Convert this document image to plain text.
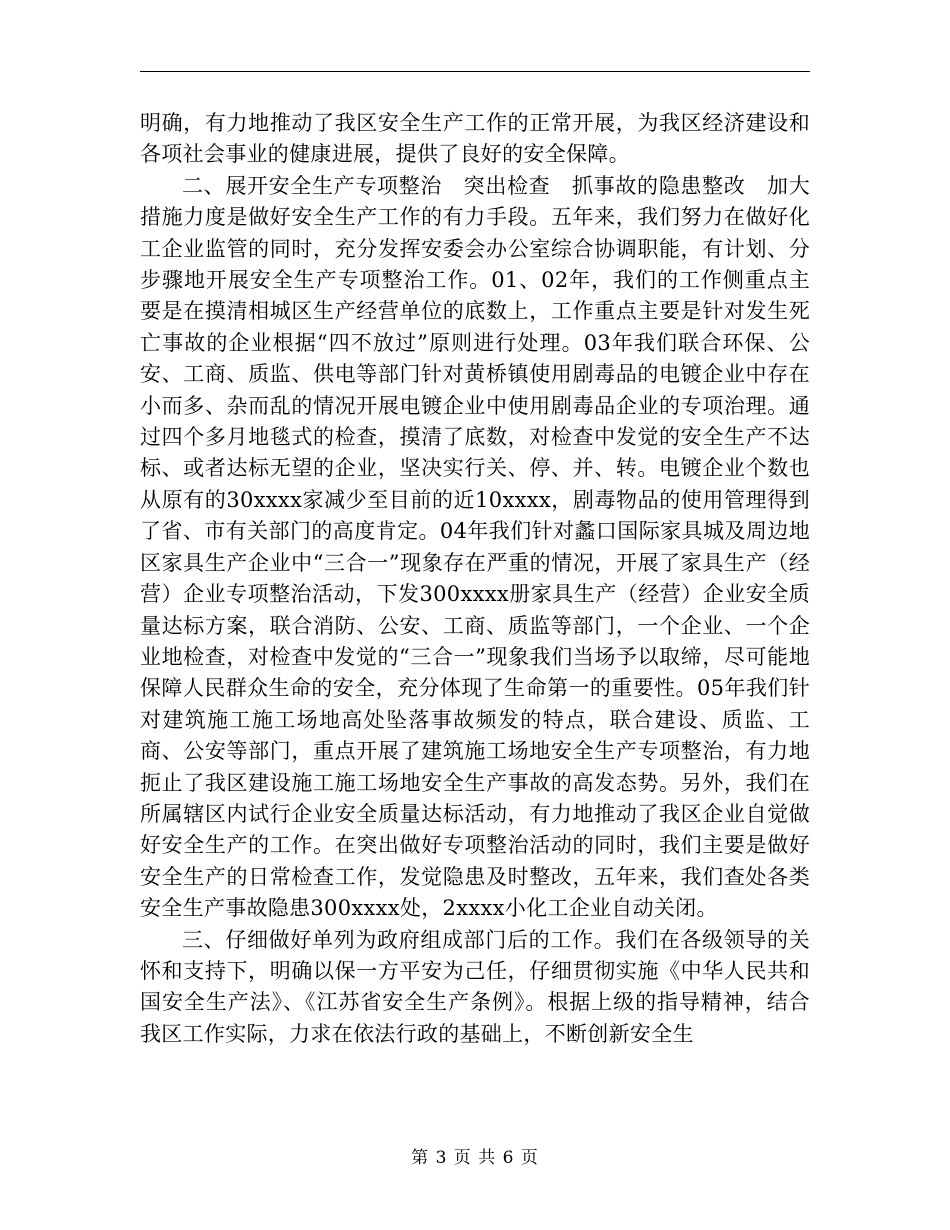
明确，有力地推动了我区安全生产工作的正常开展，为我区经济建设和各项社会事业的健康进展，提供了良好的安全保障。

二、展开安全生产专项整治　突出检查　抓事故的隐患整改　加大措施力度是做好安全生产工作的有力手段。五年来，我们努力在做好化工企业监管的同时，充分发挥安委会办公室综合协调职能，有计划、分步骤地开展安全生产专项整治工作。01、02年，我们的工作侧重点主要是在摸清相城区生产经营单位的底数上，工作重点主要是针对发生死亡事故的企业根据“四不放过”原则进行处理。03年我们联合环保、公安、工商、质监、供电等部门针对黄桥镇使用剧毒品的电镀企业中存在小而多、杂而乱的情况开展电镀企业中使用剧毒品企业的专项治理。通过四个多月地毯式的检查，摸清了底数，对检查中发觉的安全生产不达标、或者达标无望的企业，坚决实行关、停、并、转。电镀企业个数也从原有的30xxxx家减少至目前的近10xxxx，剧毒物品的使用管理得到了省、市有关部门的高度肯定。04年我们针对蠡口国际家具城及周边地区家具生产企业中“三合一”现象存在严重的情况，开展了家具生产（经营）企业专项整治活动，下发300xxxx册家具生产（经营）企业安全质量达标方案，联合消防、公安、工商、质监等部门，一个企业、一个企业地检查，对检查中发觉的“三合一”现象我们当场予以取缔，尽可能地保障人民群众生命的安全，充分体现了生命第一的重要性。05年我们针对建筑施工施工场地高处坠落事故频发的特点，联合建设、质监、工商、公安等部门，重点开展了建筑施工场地安全生产专项整治，有力地扼止了我区建设施工施工场地安全生产事故的高发态势。另外，我们在所属辖区内试行企业安全质量达标活动，有力地推动了我区企业自觉做好安全生产的工作。在突出做好专项整治活动的同时，我们主要是做好安全生产的日常检查工作，发觉隐患及时整改，五年来，我们查处各类安全生产事故隐患300xxxx处，2xxxx小化工企业自动关闭。

三、仔细做好单列为政府组成部门后的工作。我们在各级领导的关怀和支持下，明确以保一方平安为己任，仔细贯彻实施《中华人民共和国安全生产法》、《江苏省安全生产条例》。根据上级的指导精神，结合我区工作实际，力求在依法行政的基础上，不断创新安全生

第 3 页 共 6 页
